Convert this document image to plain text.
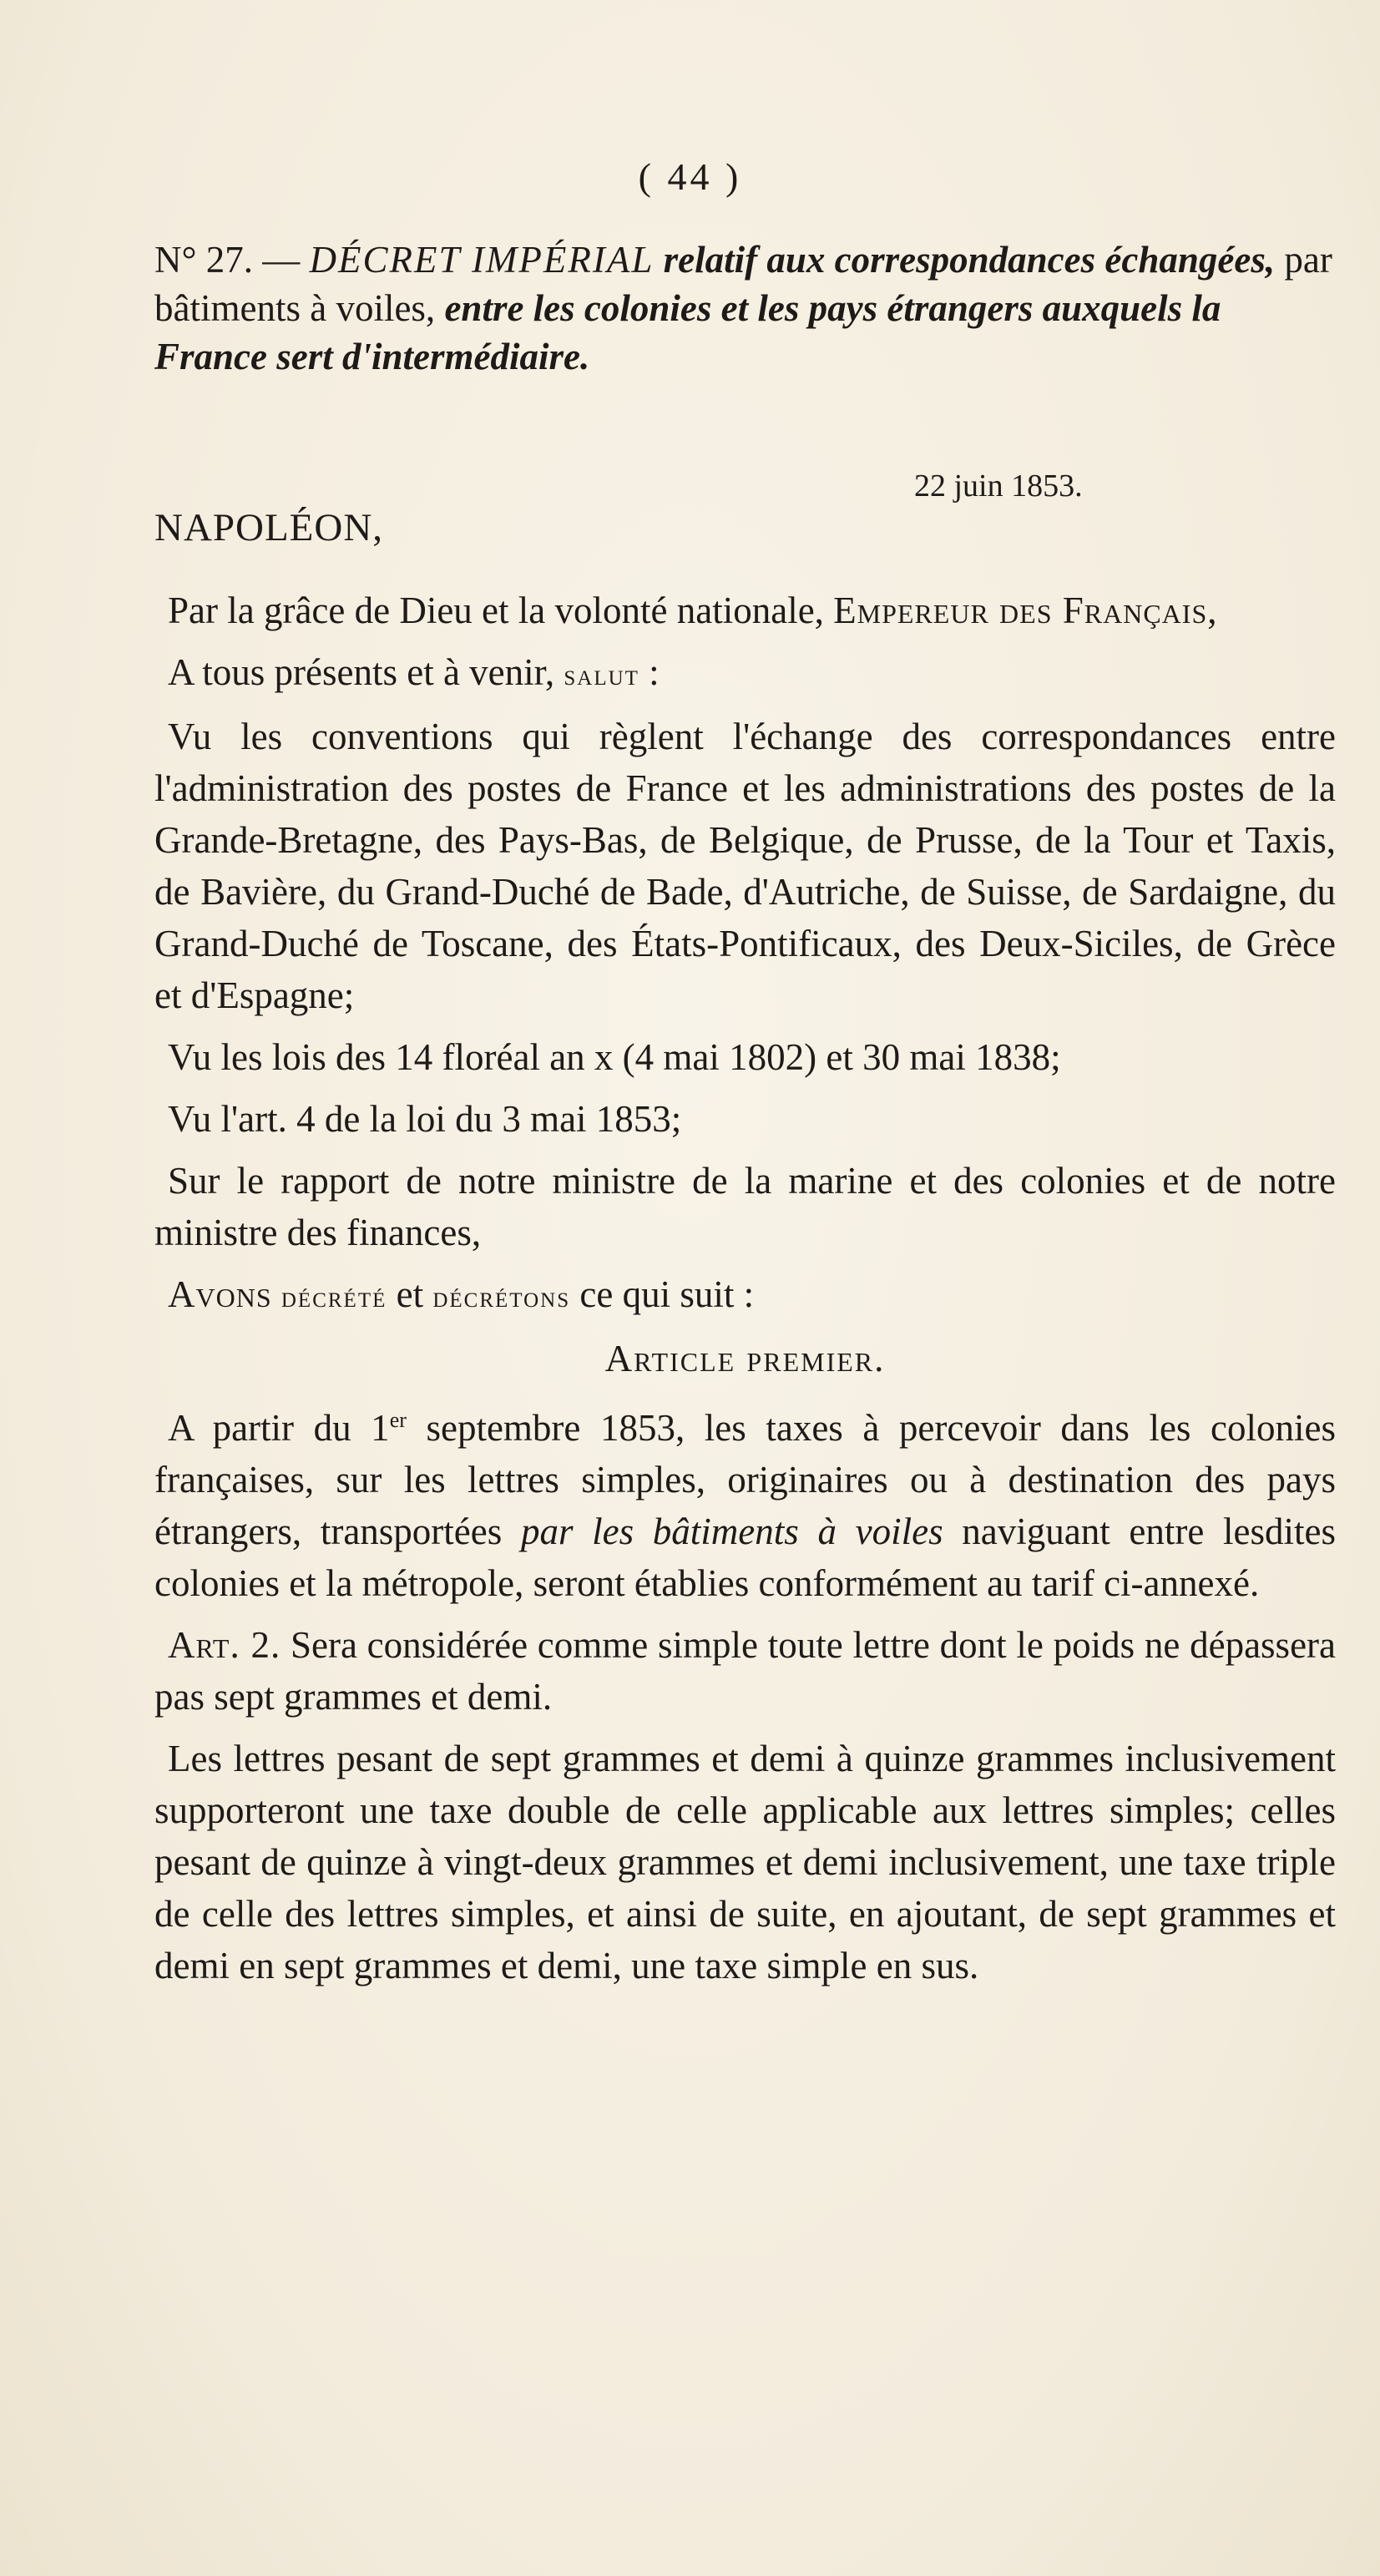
( 44 )
N° 27. — DÉCRET IMPÉRIAL relatif aux correspondances échangées, par bâtiments à voiles, entre les colonies et les pays étrangers auxquels la France sert d'intermédiaire.
22 juin 1853.
NAPOLÉON,

Par la grâce de Dieu et la volonté nationale, Empereur des Français,

A tous présents et à venir, salut :

Vu les conventions qui règlent l'échange des correspondances entre l'administration des postes de France et les administrations des postes de la Grande-Bretagne, des Pays-Bas, de Belgique, de Prusse, de la Tour et Taxis, de Bavière, du Grand-Duché de Bade, d'Autriche, de Suisse, de Sardaigne, du Grand-Duché de Toscane, des États-Pontificaux, des Deux-Siciles, de Grèce et d'Espagne;

Vu les lois des 14 floréal an x (4 mai 1802) et 30 mai 1838;

Vu l'art. 4 de la loi du 3 mai 1853;

Sur le rapport de notre ministre de la marine et des colonies et de notre ministre des finances,

Avons décrété et décrétons ce qui suit :

Article premier.

A partir du 1er septembre 1853, les taxes à percevoir dans les colonies françaises, sur les lettres simples, originaires ou à destination des pays étrangers, transportées par les bâtiments à voiles naviguant entre lesdites colonies et la métropole, seront établies conformément au tarif ci-annexé.

Art. 2. Sera considérée comme simple toute lettre dont le poids ne dépassera pas sept grammes et demi.

Les lettres pesant de sept grammes et demi à quinze grammes inclusivement supporteront une taxe double de celle applicable aux lettres simples; celles pesant de quinze à vingt-deux grammes et demi inclusivement, une taxe triple de celle des lettres simples, et ainsi de suite, en ajoutant, de sept grammes et demi en sept grammes et demi, une taxe simple en sus.
